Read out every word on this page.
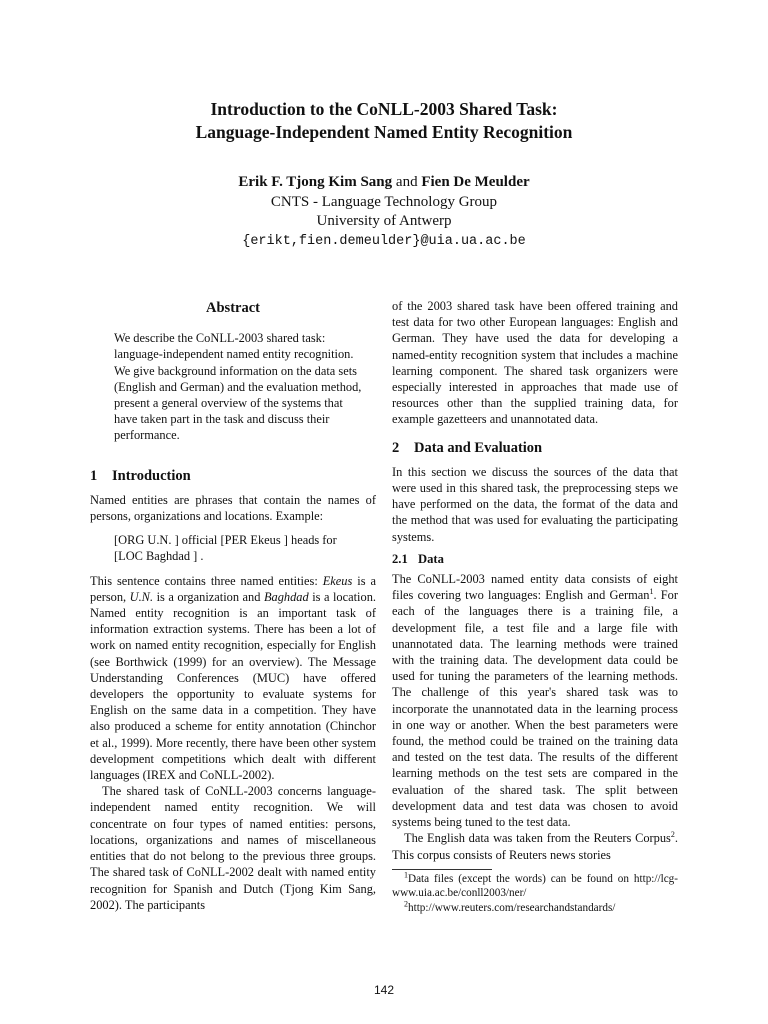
Introduction to the CoNLL-2003 Shared Task:
Language-Independent Named Entity Recognition
Erik F. Tjong Kim Sang and Fien De Meulder
CNTS - Language Technology Group
University of Antwerp
{erikt,fien.demeulder}@uia.ua.ac.be
Abstract

We describe the CoNLL-2003 shared task: language-independent named entity recognition. We give background information on the data sets (English and German) and the evaluation method, present a general overview of the systems that have taken part in the task and discuss their performance.

1 Introduction

Named entities are phrases that contain the names of persons, organizations and locations. Example:

[ORG U.N. ] official [PER Ekeus ] heads for
[LOC Baghdad ] .

This sentence contains three named entities: Ekeus is a person, U.N. is a organization and Baghdad is a location. Named entity recognition is an important task of information extraction systems. There has been a lot of work on named entity recognition, especially for English (see Borthwick (1999) for an overview). The Message Understanding Conferences (MUC) have offered developers the opportunity to evaluate systems for English on the same data in a competition. They have also produced a scheme for entity annotation (Chinchor et al., 1999). More recently, there have been other system development competitions which dealt with different languages (IREX and CoNLL-2002).

The shared task of CoNLL-2003 concerns language-independent named entity recognition. We will concentrate on four types of named entities: persons, locations, organizations and names of miscellaneous entities that do not belong to the previous three groups. The shared task of CoNLL-2002 dealt with named entity recognition for Spanish and Dutch (Tjong Kim Sang, 2002). The participants

of the 2003 shared task have been offered training and test data for two other European languages: English and German. They have used the data for developing a named-entity recognition system that includes a machine learning component. The shared task organizers were especially interested in approaches that made use of resources other than the supplied training data, for example gazetteers and unannotated data.

2 Data and Evaluation

In this section we discuss the sources of the data that were used in this shared task, the preprocessing steps we have performed on the data, the format of the data and the method that was used for evaluating the participating systems.

2.1 Data

The CoNLL-2003 named entity data consists of eight files covering two languages: English and German$^1$. For each of the languages there is a training file, a development file, a test file and a large file with unannotated data. The learning methods were trained with the training data. The development data could be used for tuning the parameters of the learning methods. The challenge of this year's shared task was to incorporate the unannotated data in the learning process in one way or another. When the best parameters were found, the method could be trained on the training data and tested on the test data. The results of the different learning methods on the test sets are compared in the evaluation of the shared task. The split between development data and test data was chosen to avoid systems being tuned to the test data.

The English data was taken from the Reuters Corpus$^2$. This corpus consists of Reuters news stories

$^1$Data files (except the words) can be found on http://lcg-www.uia.ac.be/conll2003/ner/

$^2$http://www.reuters.com/researchandstandards/

142
